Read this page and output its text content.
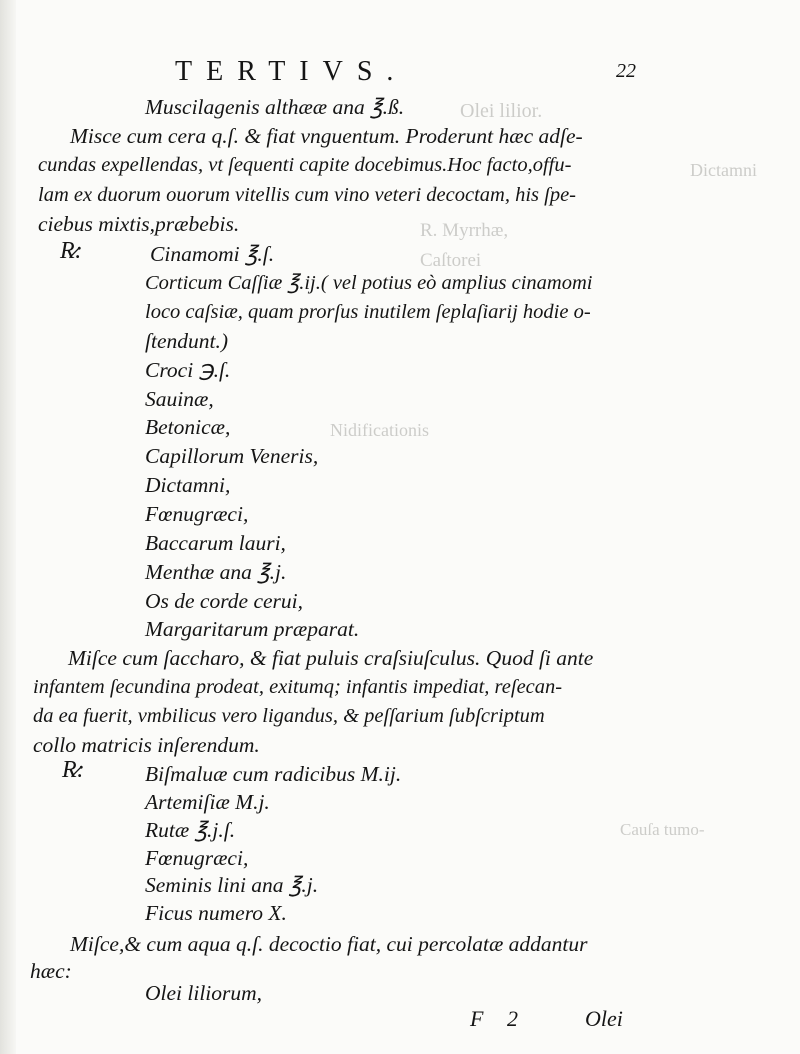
Olei lilior.
Dictamni
R. Myrrhæ,
Caſtorei
Nidificationis
Cauſa tumo-
TERTIVS.	22
Muscilagenis althææ ana ℥.ß.
Misce cum cera q.ſ. & fiat vnguentum. Proderunt hæc adſe-
cundas expellendas, vt ſequenti capite docebimus.Hoc facto,offu-
lam ex duorum ouorum vitellis cum vino veteri decoctam, his ſpe-
ciebus mixtis,præbebis.
R̷:	Cinamomi ℥.ſ.
Corticum Caſſiæ ℥.ij.( vel potius eò amplius cinamomi
loco caſsiæ, quam prorſus inutilem ſeplaſiarij hodie o-
ſtendunt.)
Croci ℈.ſ.
Sauinæ,
Betonicæ,
Capillorum Veneris,
Dictamni,
Fœnugræci,
Baccarum lauri,
Menthæ ana ℥.j.
Os de corde cerui,
Margaritarum præparat.
Miſce cum ſaccharo, & fiat puluis craſsiuſculus. Quod ſi ante
infantem ſecundina prodeat, exitumq; infantis impediat, reſecan-
da ea fuerit, vmbilicus vero ligandus, & peſſarium ſubſcriptum
collo matricis inſerendum.
R̷:	Biſmaluæ cum radicibus M.ij.
Artemiſiæ M.j.
Rutæ ℥.j.ſ.
Fœnugræci,
Seminis lini ana ℥.j.
Ficus numero X.
Miſce,& cum aqua q.ſ. decoctio fiat, cui percolatæ addantur
hæc:
Olei liliorum,
F 2	Olei
